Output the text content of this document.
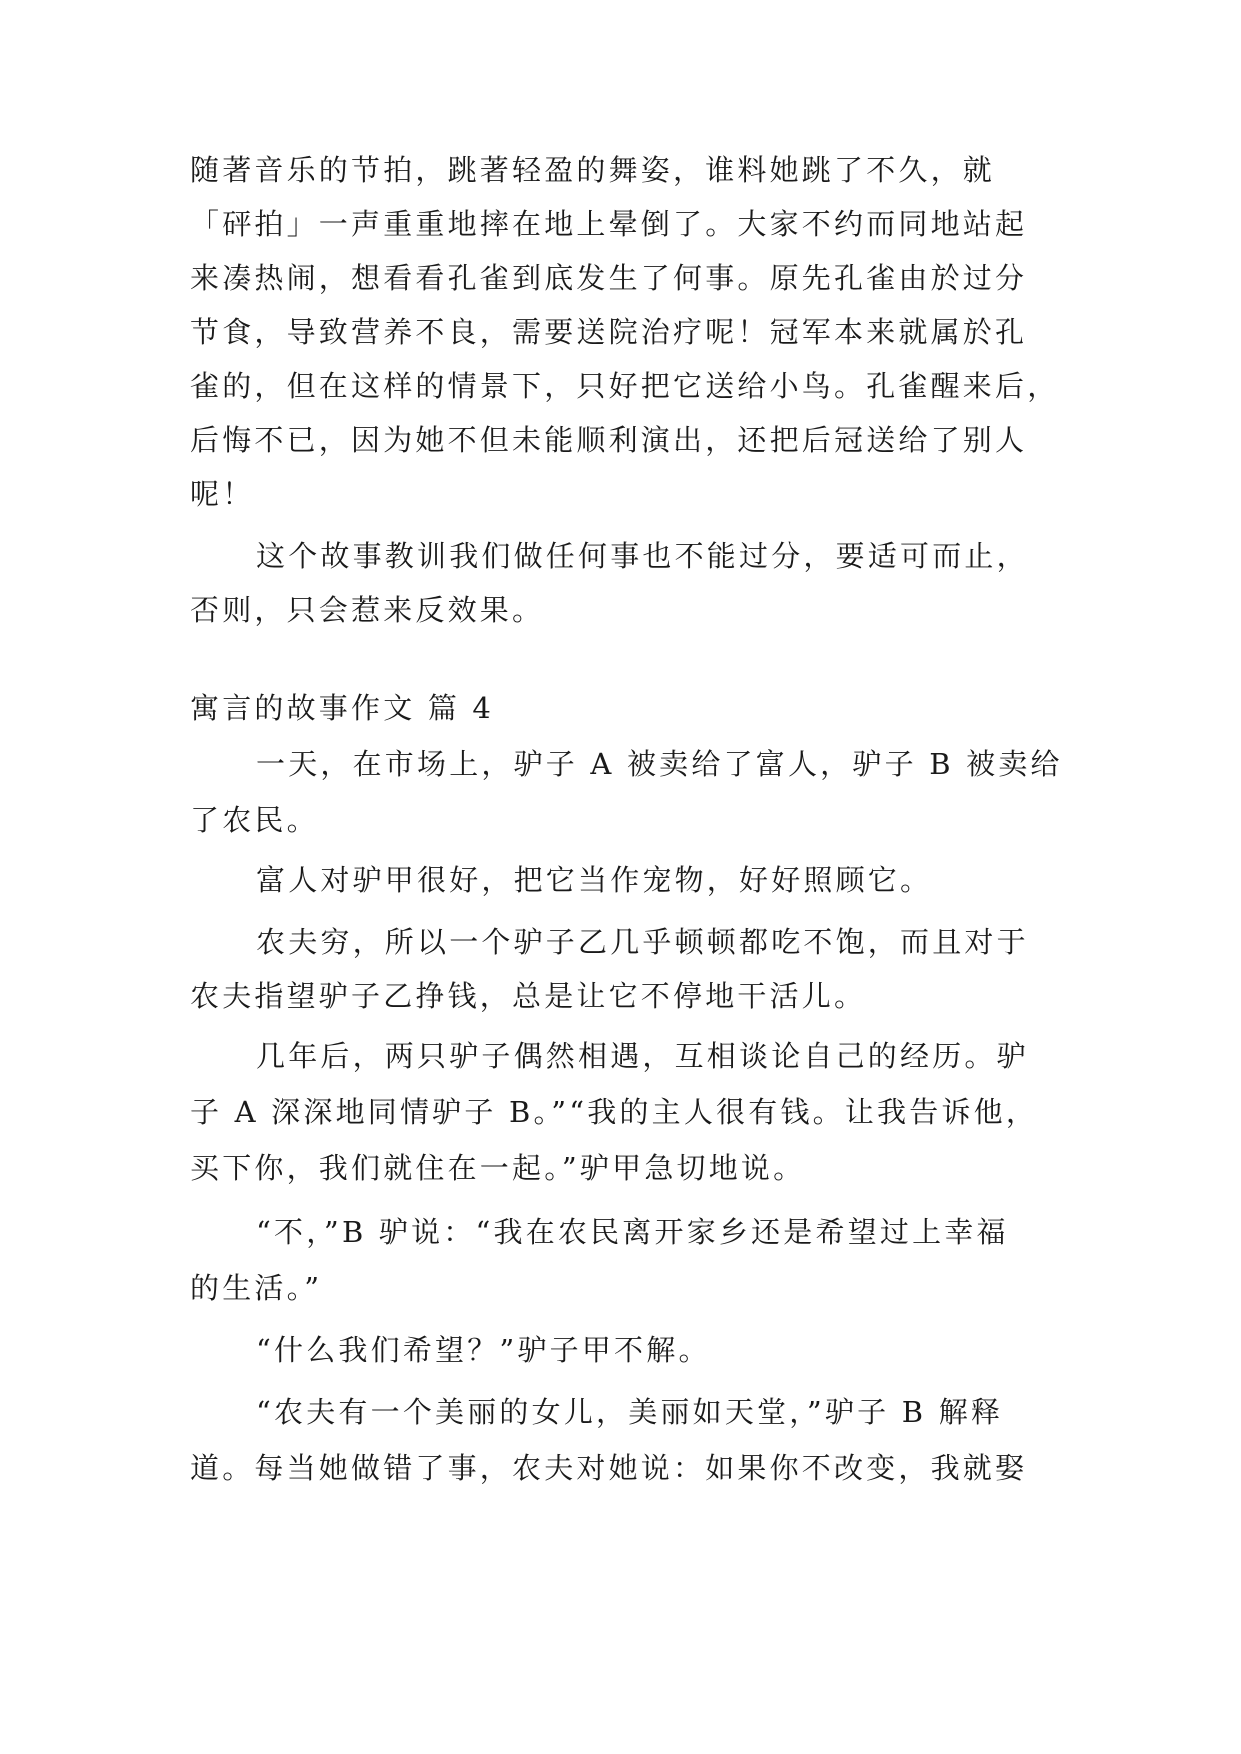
随著音乐的节拍，跳著轻盈的舞姿，谁料她跳了不久，就
「砰拍」一声重重地摔在地上晕倒了。大家不约而同地站起
来凑热闹，想看看孔雀到底发生了何事。原先孔雀由於过分
节食，导致营养不良，需要送院治疗呢！冠军本来就属於孔
雀的，但在这样的情景下，只好把它送给小鸟。孔雀醒来后，
后悔不已，因为她不但未能顺利演出，还把后冠送给了别人
呢！
这个故事教训我们做任何事也不能过分，要适可而止，
否则，只会惹来反效果。
寓言的故事作文 篇 4
一天，在市场上，驴子 A 被卖给了富人，驴子 B 被卖给
了农民。
富人对驴甲很好，把它当作宠物，好好照顾它。
农夫穷，所以一个驴子乙几乎顿顿都吃不饱，而且对于
农夫指望驴子乙挣钱，总是让它不停地干活儿。
几年后，两只驴子偶然相遇，互相谈论自己的经历。驴
子 A 深深地同情驴子 B。”“我的主人很有钱。让我告诉他，
买下你，我们就住在一起。”驴甲急切地说。
“不，”B 驴说：“我在农民离开家乡还是希望过上幸福
的生活。”
“什么我们希望？”驴子甲不解。
“农夫有一个美丽的女儿，美丽如天堂，”驴子 B 解释
道。每当她做错了事，农夫对她说：如果你不改变，我就娶
